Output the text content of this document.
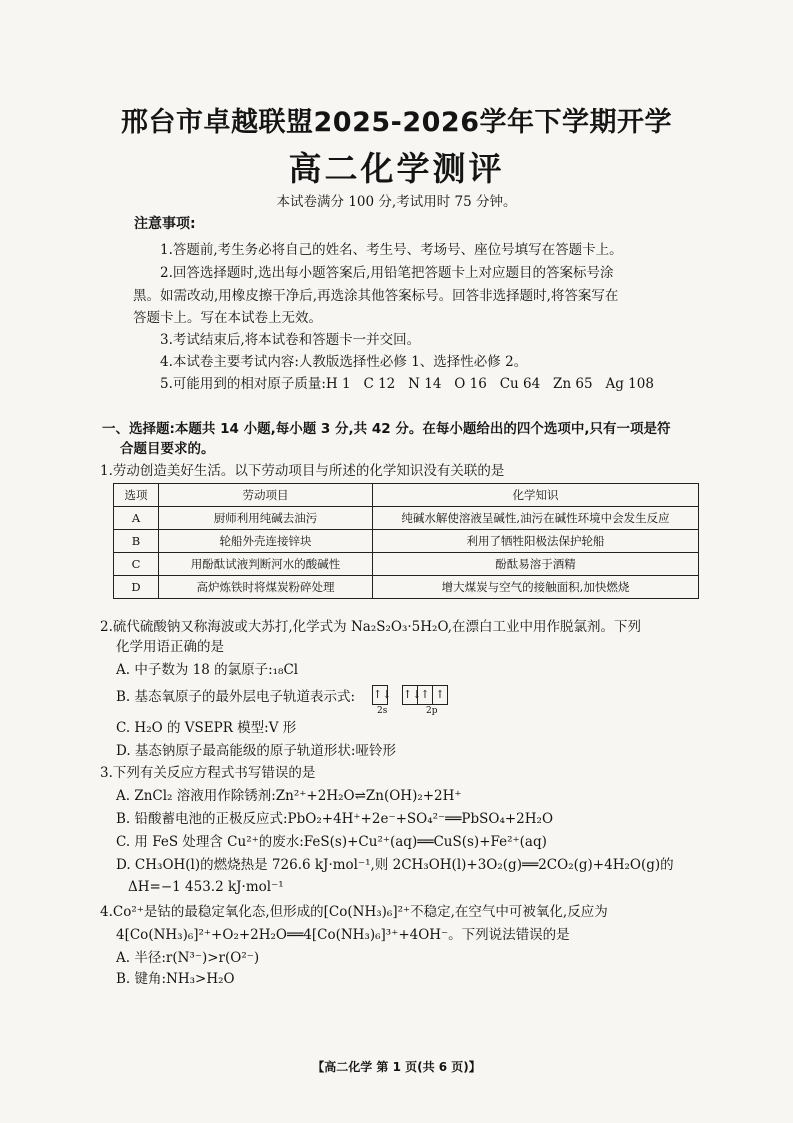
邢台市卓越联盟2025-2026学年下学期开学
高二化学测评
本试卷满分 100 分,考试用时 75 分钟。
注意事项:
1.答题前,考生务必将自己的姓名、考生号、考场号、座位号填写在答题卡上。
2.回答选择题时,选出每小题答案后,用铅笔把答题卡上对应题目的答案标号涂
黑。如需改动,用橡皮擦干净后,再选涂其他答案标号。回答非选择题时,将答案写在
答题卡上。写在本试卷上无效。
3.考试结束后,将本试卷和答题卡一并交回。
4.本试卷主要考试内容:人教版选择性必修 1、选择性必修 2。
5.可能用到的相对原子质量:H 1   C 12   N 14   O 16   Cu 64   Zn 65   Ag 108
一、选择题:本题共 14 小题,每小题 3 分,共 42 分。在每小题给出的四个选项中,只有一项是符
合题目要求的。
1.劳动创造美好生活。以下劳动项目与所述的化学知识没有关联的是
选项	劳动项目	化学知识
A	厨师利用纯碱去油污	纯碱水解使溶液呈碱性,油污在碱性环境中会发生反应
B	轮船外壳连接锌块	利用了牺牲阳极法保护轮船
C	用酚酞试液判断河水的酸碱性	酚酞易溶于酒精
D	高炉炼铁时将煤炭粉碎处理	增大煤炭与空气的接触面积,加快燃烧
2.硫代硫酸钠又称海波或大苏打,化学式为 Na₂S₂O₃·5H₂O,在漂白工业中用作脱氯剂。下列
化学用语正确的是
A. 中子数为 18 的氯原子:₁₈Cl
B. 基态氧原子的最外层电子轨道表示式: ↑↓ ↑↓
↑ ↑
2s	2p
C. H₂O 的 VSEPR 模型:V 形
D. 基态钠原子最高能级的原子轨道形状:哑铃形
3.下列有关反应方程式书写错误的是
A. ZnCl₂ 溶液用作除锈剂:Zn²⁺+2H₂O⇌Zn(OH)₂+2H⁺
B. 铅酸蓄电池的正极反应式:PbO₂+4H⁺+2e⁻+SO₄²⁻══PbSO₄+2H₂O
C. 用 FeS 处理含 Cu²⁺的废水:FeS(s)+Cu²⁺(aq)══CuS(s)+Fe²⁺(aq)
D. CH₃OH(l)的燃烧热是 726.6 kJ·mol⁻¹,则 2CH₃OH(l)+3O₂(g)══2CO₂(g)+4H₂O(g)的
ΔH=−1 453.2 kJ·mol⁻¹
4.Co²⁺是钴的最稳定氧化态,但形成的[Co(NH₃)₆]²⁺不稳定,在空气中可被氧化,反应为
4[Co(NH₃)₆]²⁺+O₂+2H₂O══4[Co(NH₃)₆]³⁺+4OH⁻。下列说法错误的是
A. 半径:r(N³⁻)>r(O²⁻)
B. 键角:NH₃>H₂O
【高二化学 第 1 页(共 6 页)】
